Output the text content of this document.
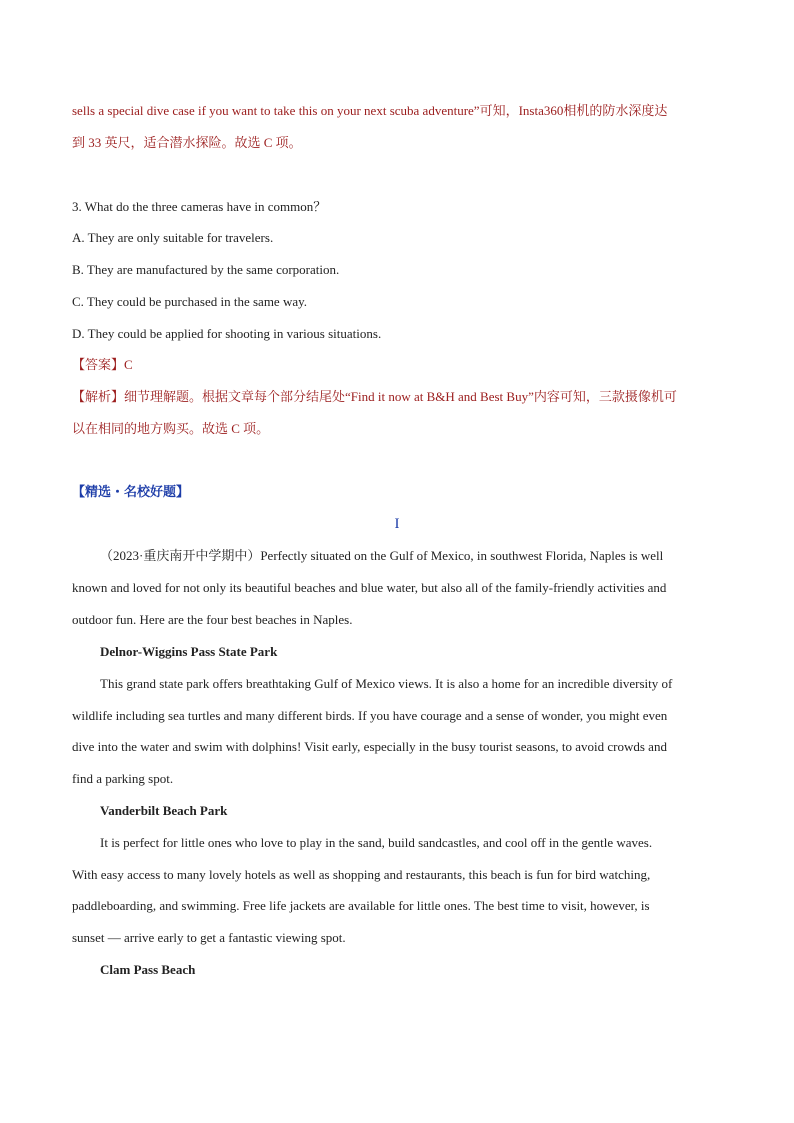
sells a special dive case if you want to take this on your next scuba adventure”可知，Insta360相机的防水深度达
到 33 英尺，适合潜水探险。故选 C 项。
3. What do the three cameras have in common？
A. They are only suitable for travelers.
B. They are manufactured by the same corporation.
C. They could be purchased in the same way.
D. They could be applied for shooting in various situations.
【答案】C
【解析】细节理解题。根据文章每个部分结尾处“Find it now at B&H and Best Buy”内容可知，三款摄像机可
以在相同的地方购买。故选 C 项。
【精选・名校好题】
I
（2023·重庆南开中学期中）Perfectly situated on the Gulf of Mexico, in southwest Florida, Naples is well
known and loved for not only its beautiful beaches and blue water, but also all of the family-friendly activities and
outdoor fun. Here are the four best beaches in Naples.
Delnor-Wiggins Pass State Park
This grand state park offers breathtaking Gulf of Mexico views. It is also a home for an incredible diversity of
wildlife including sea turtles and many different birds. If you have courage and a sense of wonder, you might even
dive into the water and swim with dolphins! Visit early, especially in the busy tourist seasons, to avoid crowds and
find a parking spot.
Vanderbilt Beach Park
It is perfect for little ones who love to play in the sand, build sandcastles, and cool off in the gentle waves.
With easy access to many lovely hotels as well as shopping and restaurants, this beach is fun for bird watching,
paddleboarding, and swimming. Free life jackets are available for little ones. The best time to visit, however, is
sunset — arrive early to get a fantastic viewing spot.
Clam Pass Beach
